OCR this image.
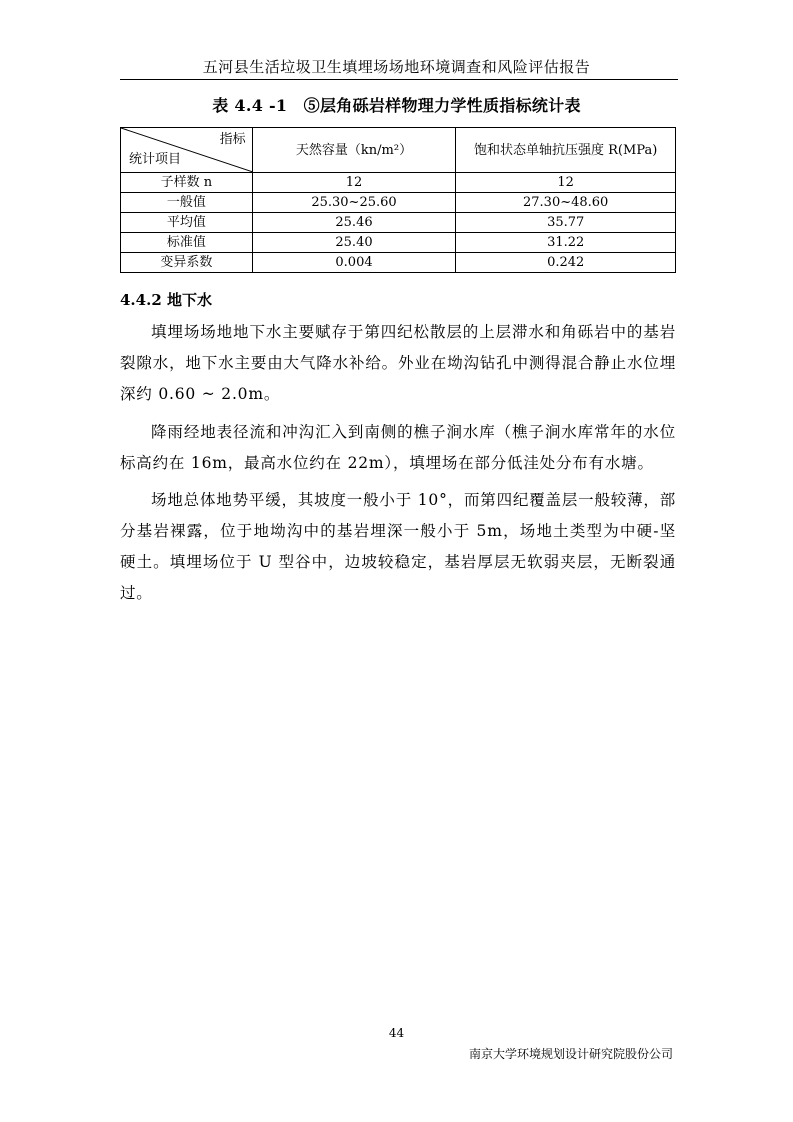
五河县生活垃圾卫生填埋场场地环境调查和风险评估报告
表 4.4 -1　⑤层角砾岩样物理力学性质指标统计表
指标
统计项目	天然容量（kn/m²）	饱和状态单轴抗压强度 R(MPa)
子样数 n	12	12
一般值	25.30~25.60	27.30~48.60
平均值	25.46	35.77
标准值	25.40	31.22
变异系数	0.004	0.242
4.4.2 地下水

填埋场场地地下水主要赋存于第四纪松散层的上层滞水和角砾岩中的基岩裂隙水，地下水主要由大气降水补给。外业在坳沟钻孔中测得混合静止水位埋深约 0.60 ~ 2.0m。

降雨经地表径流和冲沟汇入到南侧的樵子涧水库（樵子涧水库常年的水位标高约在 16m，最高水位约在 22m），填埋场在部分低洼处分布有水塘。

场地总体地势平缓，其坡度一般小于 10°，而第四纪覆盖层一般较薄，部分基岩裸露，位于地坳沟中的基岩埋深一般小于 5m，场地土类型为中硬-坚硬土。填埋场位于 U 型谷中，边坡较稳定，基岩厚层无软弱夹层，无断裂通过。

44
南京大学环境规划设计研究院股份公司
